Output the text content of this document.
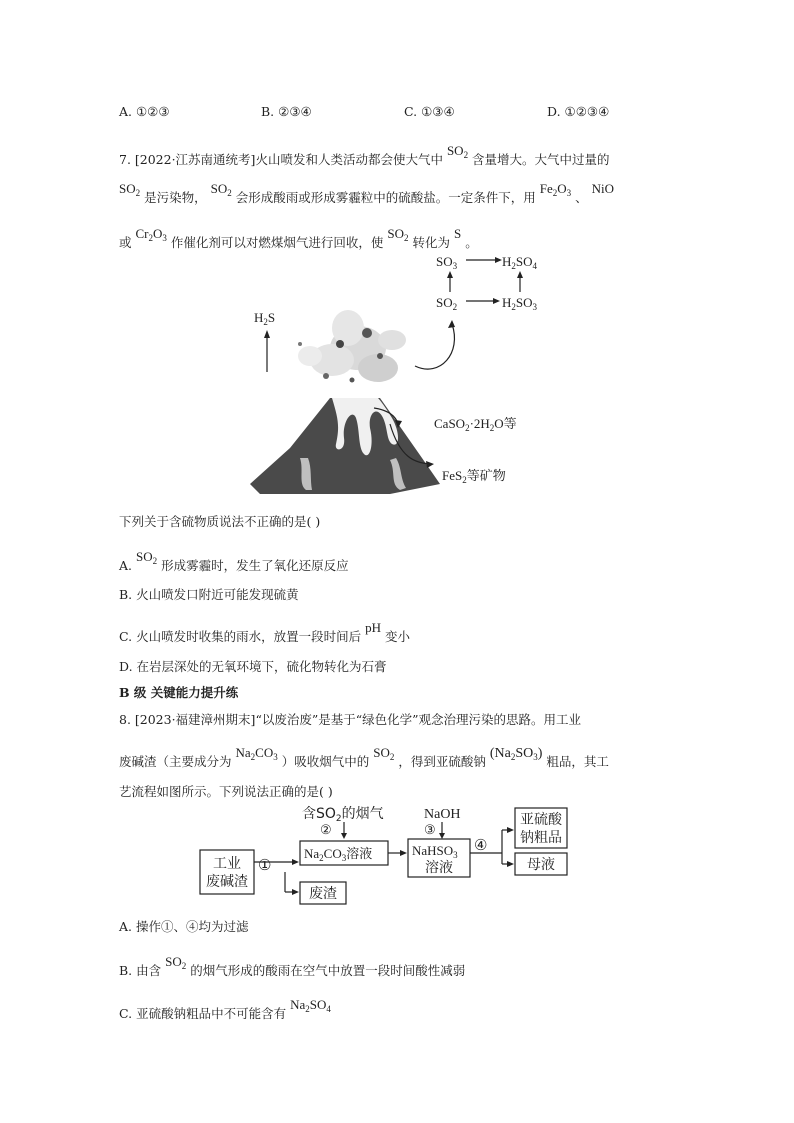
A. ①②③	B. ②③④	C. ①③④	D. ①②③④
7. [2022·江苏南通统考]火山喷发和人类活动都会使大气中 $SO_2$ 含量增大。大气中过量的
$SO_2$ 是污染物， $SO_2$ 会形成酸雨或形成雾霾粒中的硫酸盐。一定条件下，用 $Fe_2O_3$ 、 NiO
或 $Cr_2O_3$ 作催化剂可以对燃煤烟气进行回收，使 $SO_2$ 转化为 S 。
$SO_3$	$H_2SO_4$
$SO_2$	$H_2SO_3$
$H_2S$
$CaSO_2\cdot 2H_2O$等
FeS$_2$等矿物
下列关于含硫物质说法不正确的是( )
A. $SO_2$ 形成雾霾时，发生了氧化还原反应
B. 火山喷发口附近可能发现硫黄
C. 火山喷发时收集的雨水，放置一段时间后 pH 变小
D. 在岩层深处的无氧环境下，硫化物转化为石膏
B 级 关键能力提升练
8. [2023·福建漳州期末]“以废治废”是基于“绿色化学”观念治理污染的思路。用工业
废碱渣（主要成分为 $Na_2CO_3$ ）吸收烟气中的 $SO_2$ ，得到亚硫酸钠 $(Na_2SO_3)$ 粗品，其工
艺流程如图所示。下列说法正确的是( )
含$SO_2$的烟气
②
NaOH
③
工业
废碱渣
①
$Na_2CO_3$溶液
废渣
NaHSO$_3$
溶液
④
亚硫酸
钠粗品
母液
A. 操作①、④均为过滤
B. 由含 $SO_2$ 的烟气形成的酸雨在空气中放置一段时间酸性减弱
C. 亚硫酸钠粗品中不可能含有 $Na_2SO_4$
